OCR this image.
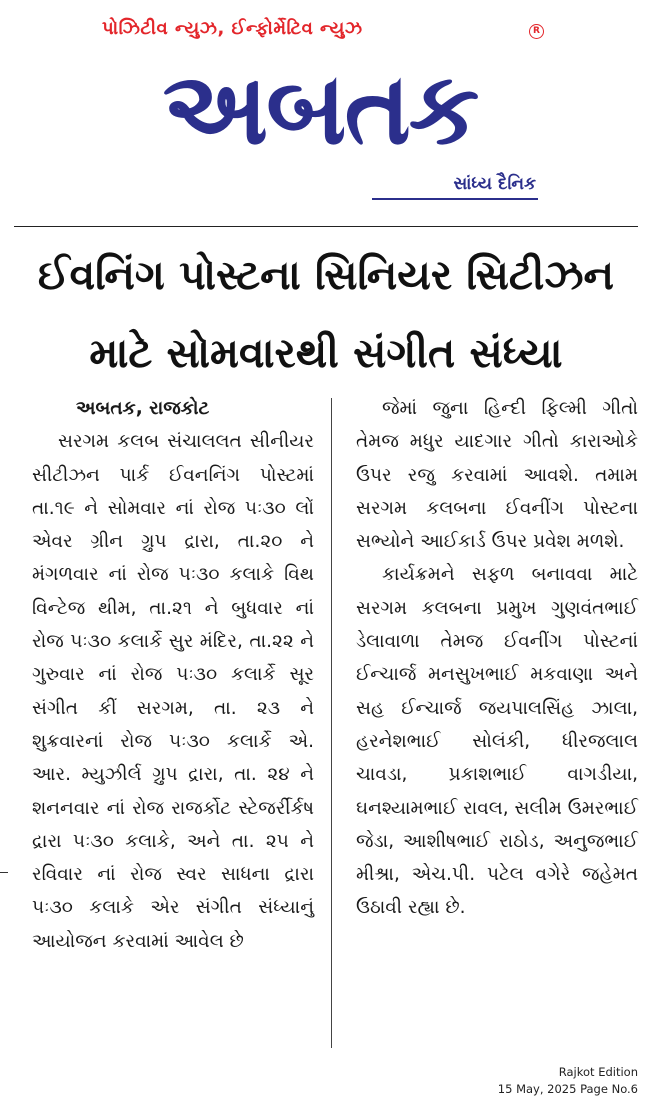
પોઝિટીવ ન્યુઝ, ઈન્ફોર્મેટિવ ન્યુઝ	R
અબતક

સાંધ્ય દૈનિક

ઈવનિંગ પોસ્ટના સિનિયર સિટીઝન માટે સોમવારથી સંગીત સંધ્યા
અબતક, રાજકોટ
સરગમ કલબ સંચાલલત સીનીયર સીટીઝન પાર્ક ઈવનનિંગ પોસ્ટમાં તા.૧૯ ને સોમવાર નાં રોજ ૫ઃ૩૦ લોં એવર ગ્રીન ગ્રુપ દ્રારા, તા.૨૦ ને મંગળવાર નાં રોજ ૫ઃ૩૦ કલાકે વિથ વિન્ટેજ થીમ, તા.૨૧ ને બુધવાર નાં રોજ ૫ઃ૩૦ કલાર્કે સુર મંદિર, તા.૨૨ ને ગુરુવાર નાં રોજ ૫ઃ૩૦ કલાર્કે સૂર સંગીત કીં સરગમ, તા. ૨૩ ને શુક્રવારનાં રોજ ૫ઃ૩૦ કલાર્કે એ. આર. મ્યુઝીર્લ ગ્રુપ દ્રારા, તા. ૨૪ ને શનનવાર નાં રોજ રાજર્કોટ સ્ટેજર્રીર્કષ દ્રારા ૫ઃ૩૦ કલાકે, અને તા. ૨૫ ને રવિવાર નાં રોજ સ્વર સાધના દ્રારા ૫ઃ૩૦ કલાકે એર સંગીત સંધ્યાનું આયોજન કરવામાં આવેલ છે
જેમાં જુના હિન્દી ફિલ્મી ગીતો તેમજ મધુર યાદગાર ગીતો કારાઓકે ઉપર રજુ કરવામાં આવશે. તમામ સરગમ કલબના ઈવનીંગ પોસ્ટના સભ્યોને આઈકાર્ડ ઉપર પ્રવેશ મળશે.
કાર્યક્રમને સફળ બનાવવા માટે સરગમ કલબના પ્રમુખ ગુણવંતભાઈ ડેલાવાળા તેમજ ઈવનીંગ પોસ્ટનાં ઈન્ચાર્જ મનસુખભાઈ મકવાણા અને સહ ઈન્ચાર્જ જયપાલસિંહ ઝાલા, હરનેશભાઈ સોલંકી, ધીરજલાલ ચાવડા, પ્રકાશભાઈ વાગડીયા, ઘનશ્યામભાઈ રાવલ, સલીમ ઉમરભાઈ જેડા, આશીષભાઈ રાઠોડ, અનુજભાઈ મીશ્રા, એચ.પી. પટેલ વગેરે જહેમત ઉઠાવી રહ્યા છે.
Rajkot Edition
15 May, 2025 Page No.6
